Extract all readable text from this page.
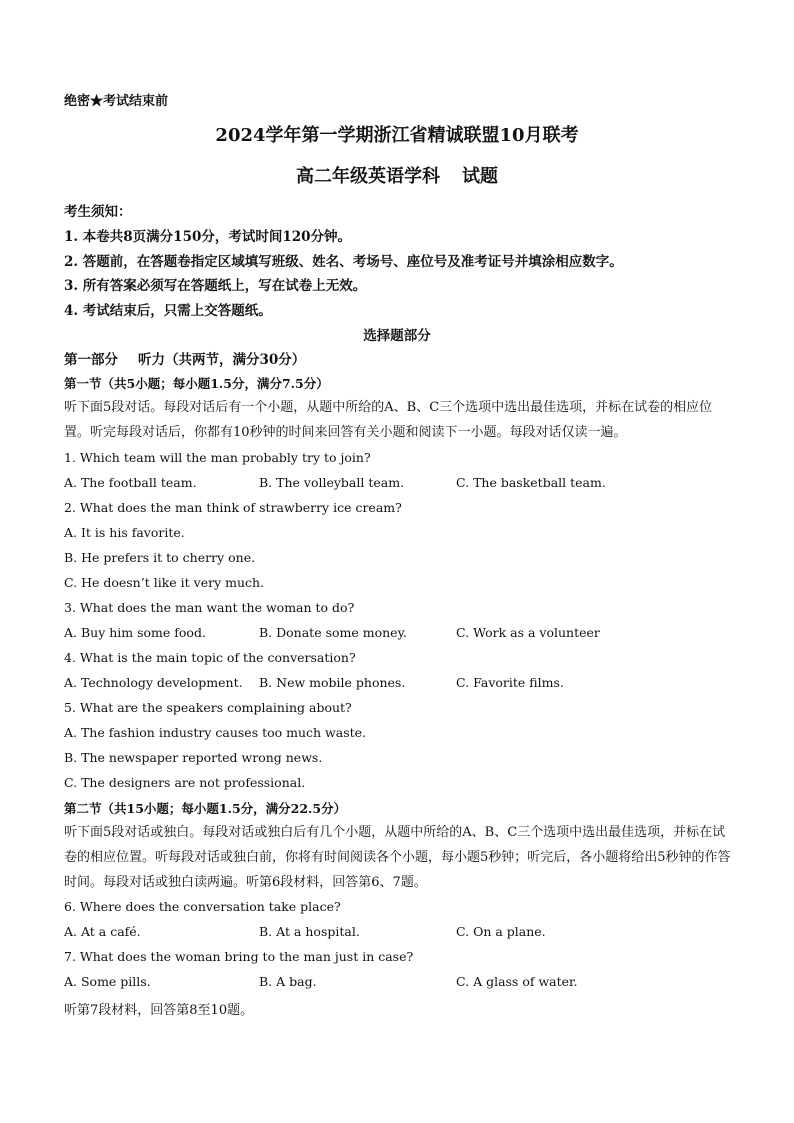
绝密★考试结束前
2024学年第一学期浙江省精诚联盟10月联考
高二年级英语学科 试题
考生须知：
1. 本卷共8页满分150分，考试时间120分钟。
2. 答题前，在答题卷指定区域填写班级、姓名、考场号、座位号及准考证号并填涂相应数字。
3. 所有答案必须写在答题纸上，写在试卷上无效。
4. 考试结束后，只需上交答题纸。
选择题部分
第一部分 听力（共两节，满分30分）
第一节（共5小题；每小题1.5分，满分7.5分）
听下面5段对话。每段对话后有一个小题，从题中所给的A、B、C三个选项中选出最佳选项，并标在试卷的相应位置。听完每段对话后，你都有10秒钟的时间来回答有关小题和阅读下一小题。每段对话仅读一遍。
1. Which team will the man probably try to join?
A. The football team.	B. The volleyball team.	C. The basketball team.
2. What does the man think of strawberry ice cream?
A. It is his favorite.
B. He prefers it to cherry one.
C. He doesn’t like it very much.
3. What does the man want the woman to do?
A. Buy him some food.	B. Donate some money.	C. Work as a volunteer
4. What is the main topic of the conversation?
A. Technology development. B. New mobile phones.	C. Favorite films.
5. What are the speakers complaining about?
A. The fashion industry causes too much waste.
B. The newspaper reported wrong news.
C. The designers are not professional.
第二节（共15小题；每小题1.5分，满分22.5分）
听下面5段对话或独白。每段对话或独白后有几个小题，从题中所给的A、B、C三个选项中选出最佳选项，并标在试卷的相应位置。听每段对话或独白前，你将有时间阅读各个小题，每小题5秒钟；听完后，各小题将给出5秒钟的作答时间。每段对话或独白读两遍。听第6段材料，回答第6、7题。
6. Where does the conversation take place?
A. At a café.	B. At a hospital.	C. On a plane.
7. What does the woman bring to the man just in case?
A. Some pills.	B. A bag.	C. A glass of water.
听第7段材料，回答第8至10题。
